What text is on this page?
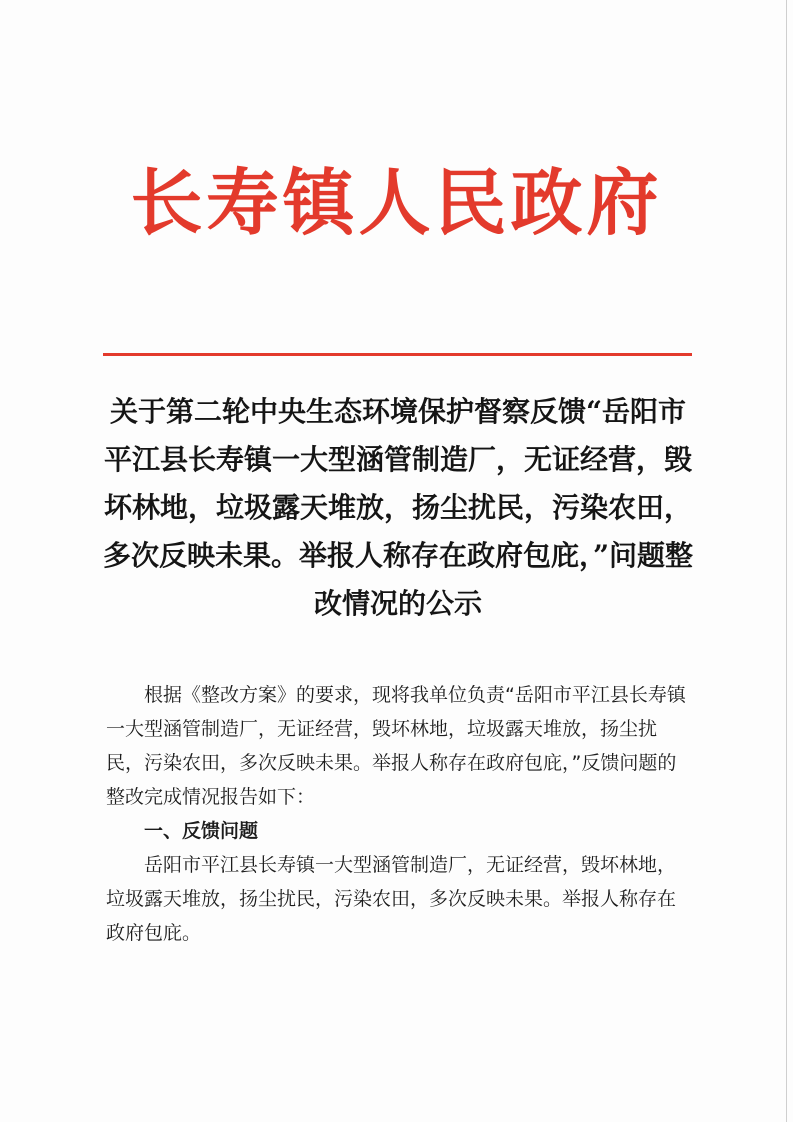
长寿镇人民政府
关于第二轮中央生态环境保护督察反馈“岳阳市平江县长寿镇一大型涵管制造厂，无证经营，毁坏林地，垃圾露天堆放，扬尘扰民，污染农田，多次反映未果。举报人称存在政府包庇，”问题整改情况的公示

根据《整改方案》的要求，现将我单位负责“岳阳市平江县长寿镇一大型涵管制造厂，无证经营，毁坏林地，垃圾露天堆放，扬尘扰民，污染农田，多次反映未果。举报人称存在政府包庇，”反馈问题的整改完成情况报告如下：

一、反馈问题

岳阳市平江县长寿镇一大型涵管制造厂，无证经营，毁坏林地，垃圾露天堆放，扬尘扰民，污染农田，多次反映未果。举报人称存在政府包庇。
